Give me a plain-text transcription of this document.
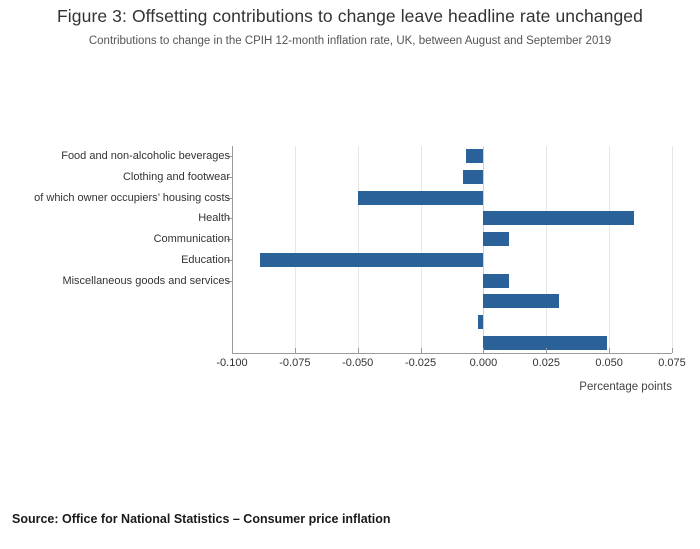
Figure 3: Offsetting contributions to change leave headline rate unchanged
Contributions to change in the CPIH 12-month inflation rate, UK, between August and September 2019
-0.100	-0.075	-0.050	-0.025	0.000	0.025	0.050	0.075
Percentage points
Source: Office for National Statistics – Consumer price inflation
Food and non-alcoholic beverages
Clothing and footwear
of which owner occupiers’ housing costs
Health
Communication
Education
Miscellaneous goods and services
